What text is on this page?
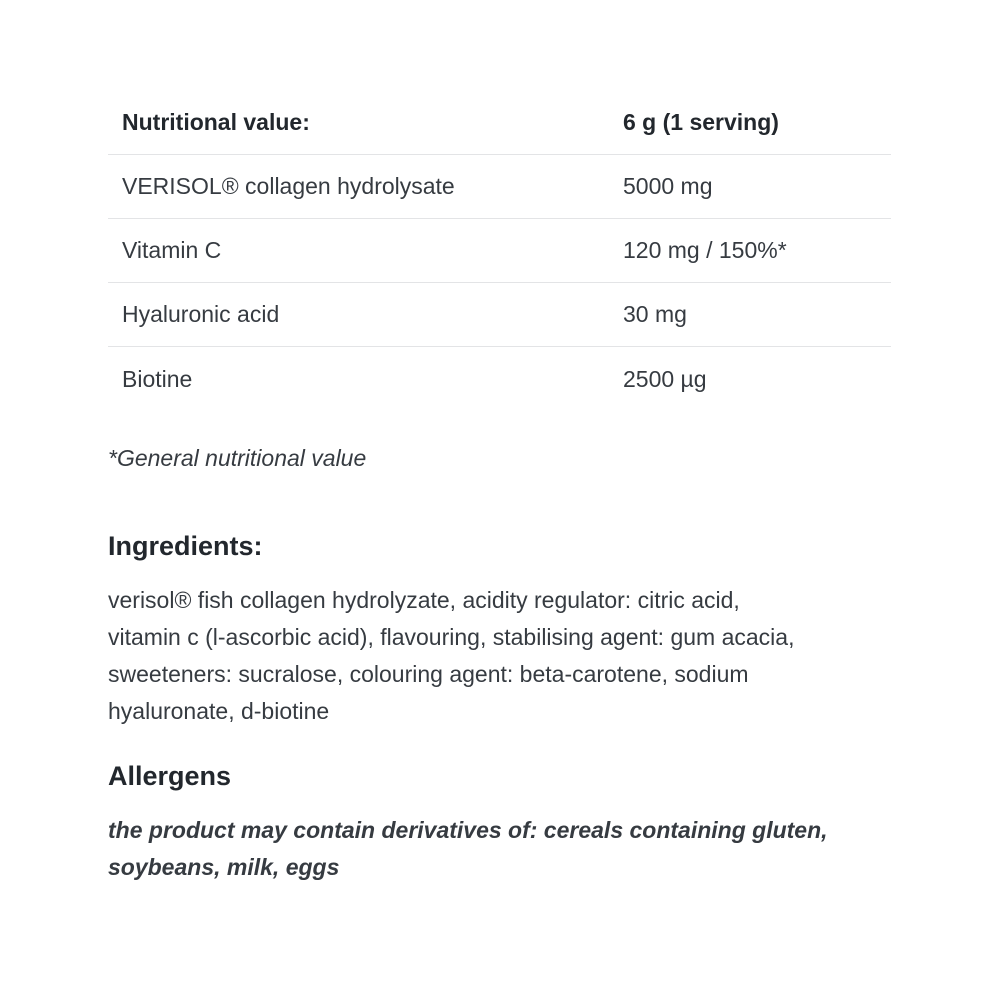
Nutritional value:	6 g (1 serving)
VERISOL® collagen hydrolysate	5000 mg
Vitamin C	120 mg / 150%*
Hyaluronic acid	30 mg
Biotine	2500 µg
*General nutritional value
Ingredients:
verisol® fish collagen hydrolyzate, acidity regulator: citric acid, vitamin c (l-ascorbic acid), flavouring, stabilising agent: gum acacia, sweeteners: sucralose, colouring agent: beta-carotene, sodium hyaluronate, d-biotine
Allergens
the product may contain derivatives of: cereals containing gluten, soybeans, milk, eggs
